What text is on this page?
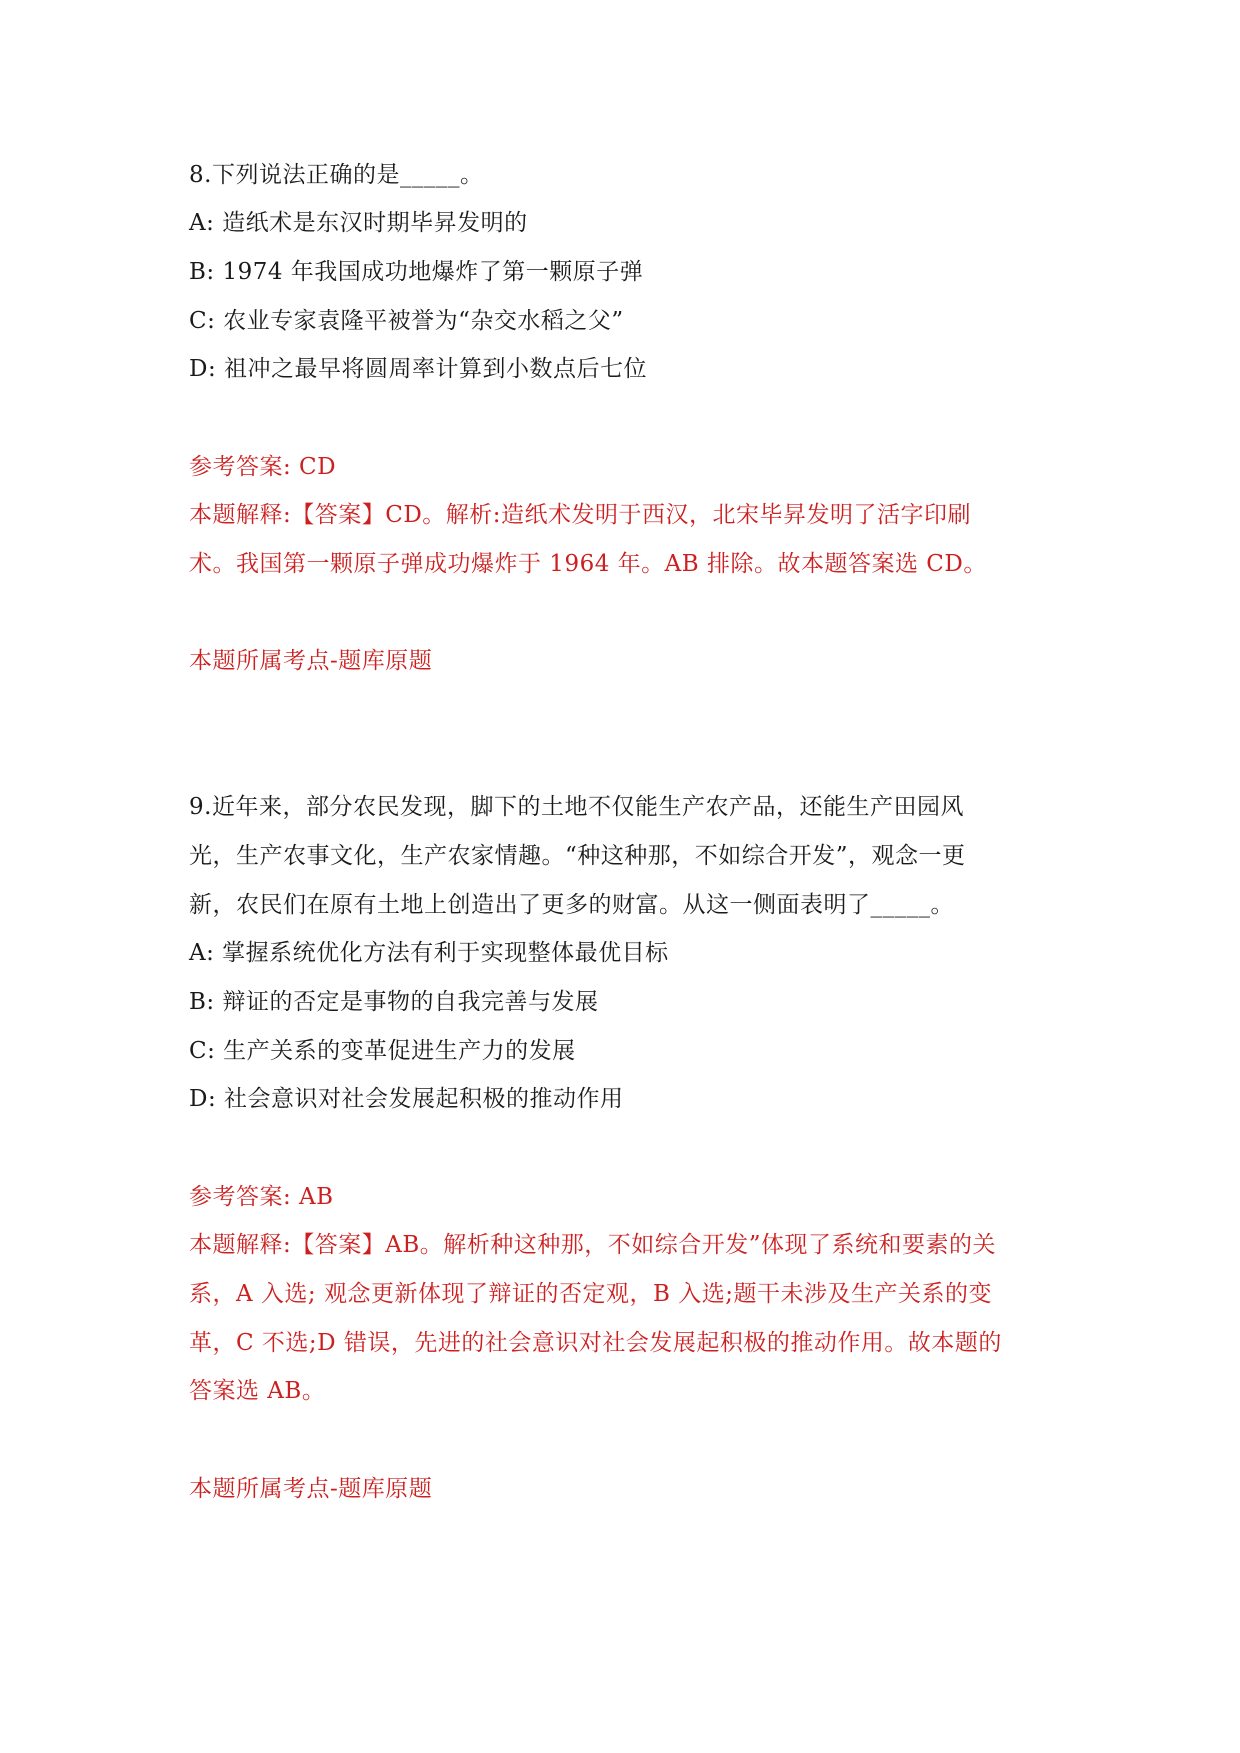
8.下列说法正确的是_____。
A: 造纸术是东汉时期毕昇发明的
B: 1974 年我国成功地爆炸了第一颗原子弹
C: 农业专家袁隆平被誉为“杂交水稻之父”
D: 祖冲之最早将圆周率计算到小数点后七位
参考答案: CD
本题解释:【答案】CD。解析:造纸术发明于西汉，北宋毕昇发明了活字印刷
术。我国第一颗原子弹成功爆炸于 1964 年。AB 排除。故本题答案选 CD。
本题所属考点-题库原题
9.近年来，部分农民发现，脚下的土地不仅能生产农产品，还能生产田园风
光，生产农事文化，生产农家情趣。“种这种那，不如综合开发”，观念一更
新，农民们在原有土地上创造出了更多的财富。从这一侧面表明了_____。
A: 掌握系统优化方法有利于实现整体最优目标
B: 辩证的否定是事物的自我完善与发展
C: 生产关系的变革促进生产力的发展
D: 社会意识对社会发展起积极的推动作用
参考答案: AB
本题解释:【答案】AB。解析种这种那，不如综合开发”体现了系统和要素的关
系，A 入选; 观念更新体现了辩证的否定观，B 入选;题干未涉及生产关系的变
革，C 不选;D 错误，先进的社会意识对社会发展起积极的推动作用。故本题的
答案选 AB。
本题所属考点-题库原题
